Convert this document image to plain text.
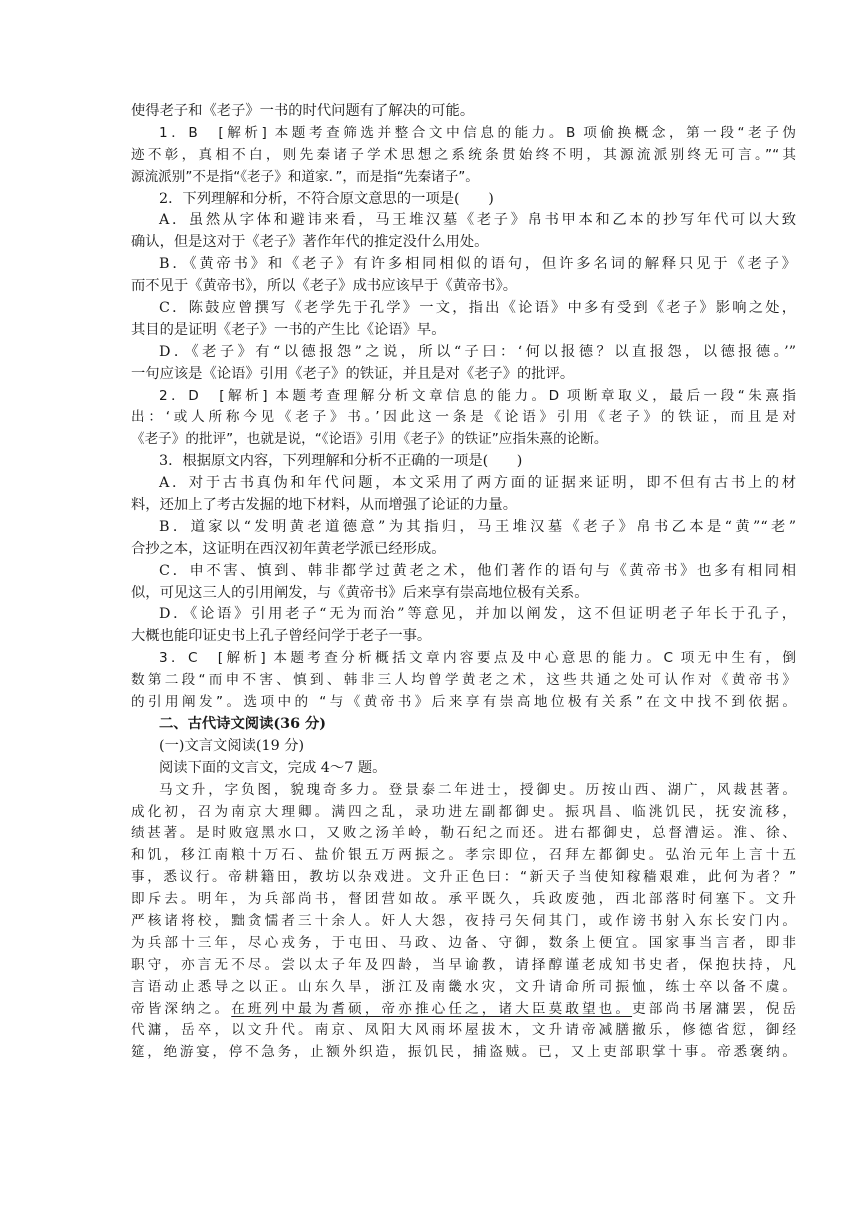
使得老子和《老子》一书的时代问题有了解决的可能。

1．B　[解析] 本题考查筛选并整合文中信息的能力。B 项偷换概念，第一段“老子伪

迹不彰，真相不白，则先秦诸子学术思想之系统条贯始终不明，其源流派别终无可言。”“其

源流派别”不是指“《老子》和道家．”，而是指“先秦诸子”。

2．下列理解和分析，不符合原文意思的一项是(　　)

A．虽然从字体和避讳来看，马王堆汉墓《老子》帛书甲本和乙本的抄写年代可以大致

确认，但是这对于《老子》著作年代的推定没什么用处。

B．《黄帝书》和《老子》有许多相同相似的语句，但许多名词的解释只见于《老子》

而不见于《黄帝书》，所以《老子》成书应该早于《黄帝书》。

C．陈鼓应曾撰写《老学先于孔学》一文，指出《论语》中多有受到《老子》影响之处，

其目的是证明《老子》一书的产生比《论语》早。

D．《老子》有“以德报怨”之说，所以“子曰：‘何以报德？以直报怨，以德报德。’”

一句应该是《论语》引用《老子》的铁证，并且是对《老子》的批评。

2．D　[解析] 本题考查理解分析文章信息的能力。D 项断章取义，最后一段“朱熹指

出：‘或人所称今见《老子》书。’因此这一条是《论语》引用《老子》的铁证，而且是对

《老子》的批评”，也就是说，“《论语》引用《老子》的铁证”应指朱熹的论断。

3．根据原文内容，下列理解和分析不正确的一项是(　　)

A．对于古书真伪和年代问题，本文采用了两方面的证据来证明，即不但有古书上的材

料，还加上了考古发掘的地下材料，从而增强了论证的力量。

B．道家以“发明黄老道德意”为其指归，马王堆汉墓《老子》帛书乙本是“黄”“老”

合抄之本，这证明在西汉初年黄老学派已经形成。

C．申不害、慎到、韩非都学过黄老之术，他们著作的语句与《黄帝书》也多有相同相

似，可见这三人的引用阐发，与《黄帝书》后来享有崇高地位极有关系。

D．《论语》引用老子“无为而治”等意见，并加以阐发，这不但证明老子年长于孔子，

大概也能印证史书上孔子曾经问学于老子一事。

3．C　[解析] 本题考查分析概括文章内容要点及中心意思的能力。C 项无中生有，倒

数第二段“而申不害、慎到、韩非三人均曾学黄老之术，这些共通之处可认作对《黄帝书》

的引用阐发”。选项中的 “与《黄帝书》后来享有崇高地位极有关系”在文中找不到依据。

二、古代诗文阅读(36 分)

(一)文言文阅读(19 分)

阅读下面的文言文，完成 4～7 题。

马文升，字负图，貌瑰奇多力。登景泰二年进士，授御史。历按山西、湖广，风裁甚著。

成化初，召为南京大理卿。满四之乱，录功进左副都御史。振巩昌、临洮饥民，抚安流移，

绩甚著。是时败寇黑水口，又败之汤羊岭，勒石纪之而还。进右都御史，总督漕运。淮、徐、

和饥，移江南粮十万石、盐价银五万两振之。孝宗即位，召拜左都御史。弘治元年上言十五

事，悉议行。帝耕籍田，教坊以杂戏进。文升正色曰：“新天子当使知稼穑艰难，此何为者？”

即斥去。明年，为兵部尚书，督团营如故。承平既久，兵政废弛，西北部落时伺塞下。文升

严核诸将校，黜贪懦者三十余人。奸人大怨，夜持弓矢伺其门，或作谤书射入东长安门内。

为兵部十三年，尽心戎务，于屯田、马政、边备、守御，数条上便宜。国家事当言者，即非

职守，亦言无不尽。尝以太子年及四龄，当早谕教，请择醇谨老成知书史者，保抱扶持，凡

言语动止悉导之以正。山东久旱，浙江及南畿水灾，文升请命所司振恤，练士卒以备不虞。

帝皆深纳之。在班列中最为耆硕，帝亦推心任之，诸大臣莫敢望也。吏部尚书屠滽罢，倪岳

代滽，岳卒，以文升代。南京、凤阳大风雨坏屋拔木，文升请帝减膳撤乐，修德省愆，御经

筵，绝游宴，停不急务，止额外织造，振饥民，捕盗贼。已，又上吏部职掌十事。帝悉褒纳。
